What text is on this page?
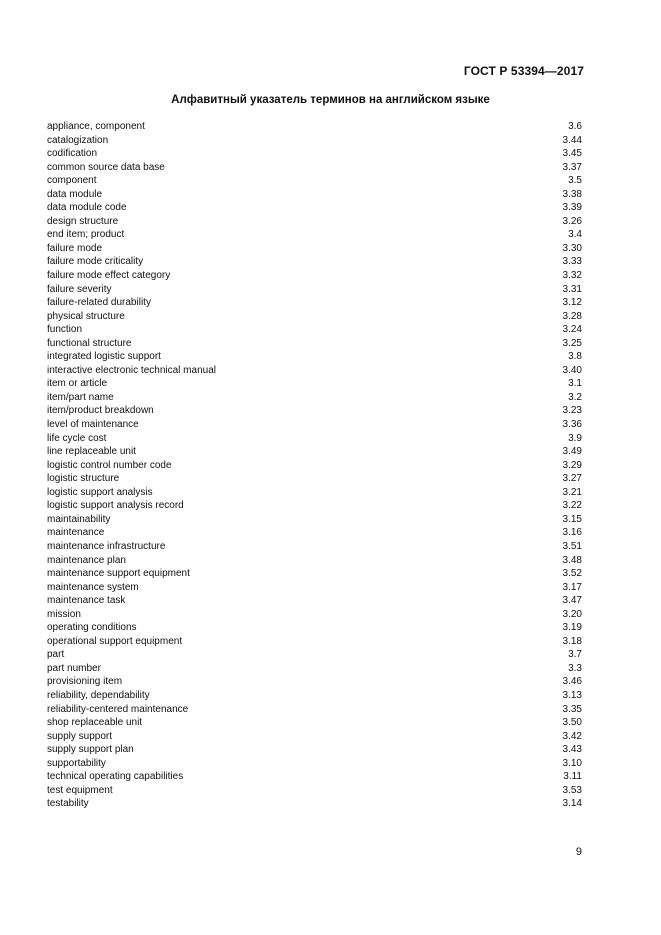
ГОСТ Р 53394—2017
Алфавитный указатель терминов на английском языке
appliance, component	3.6
catalogization	3.44
codification	3.45
common source data base	3.37
component	3.5
data module	3.38
data module code	3.39
design structure	3.26
end item; product	3.4
failure mode	3.30
failure mode criticality	3.33
failure mode effect category	3.32
failure severity	3.31
failure-related durability	3.12
physical structure	3.28
function	3.24
functional structure	3.25
integrated logistic support	3.8
interactive electronic technical manual	3.40
item or article	3.1
item/part name	3.2
item/product breakdown	3.23
level of maintenance	3.36
life cycle cost	3.9
line replaceable unit	3.49
logistic control number code	3.29
logistic structure	3.27
logistic support analysis	3.21
logistic support analysis record	3.22
maintainability	3.15
maintenance	3.16
maintenance infrastructure	3.51
maintenance plan	3.48
maintenance support equipment	3.52
maintenance system	3.17
maintenance task	3.47
mission	3.20
operating conditions	3.19
operational support equipment	3.18
part	3.7
part number	3.3
provisioning item	3.46
reliability, dependability	3.13
reliability-centered maintenance	3.35
shop replaceable unit	3.50
supply support	3.42
supply support plan	3.43
supportability	3.10
technical operating capabilities	3.11
test equipment	3.53
testability	3.14
9
